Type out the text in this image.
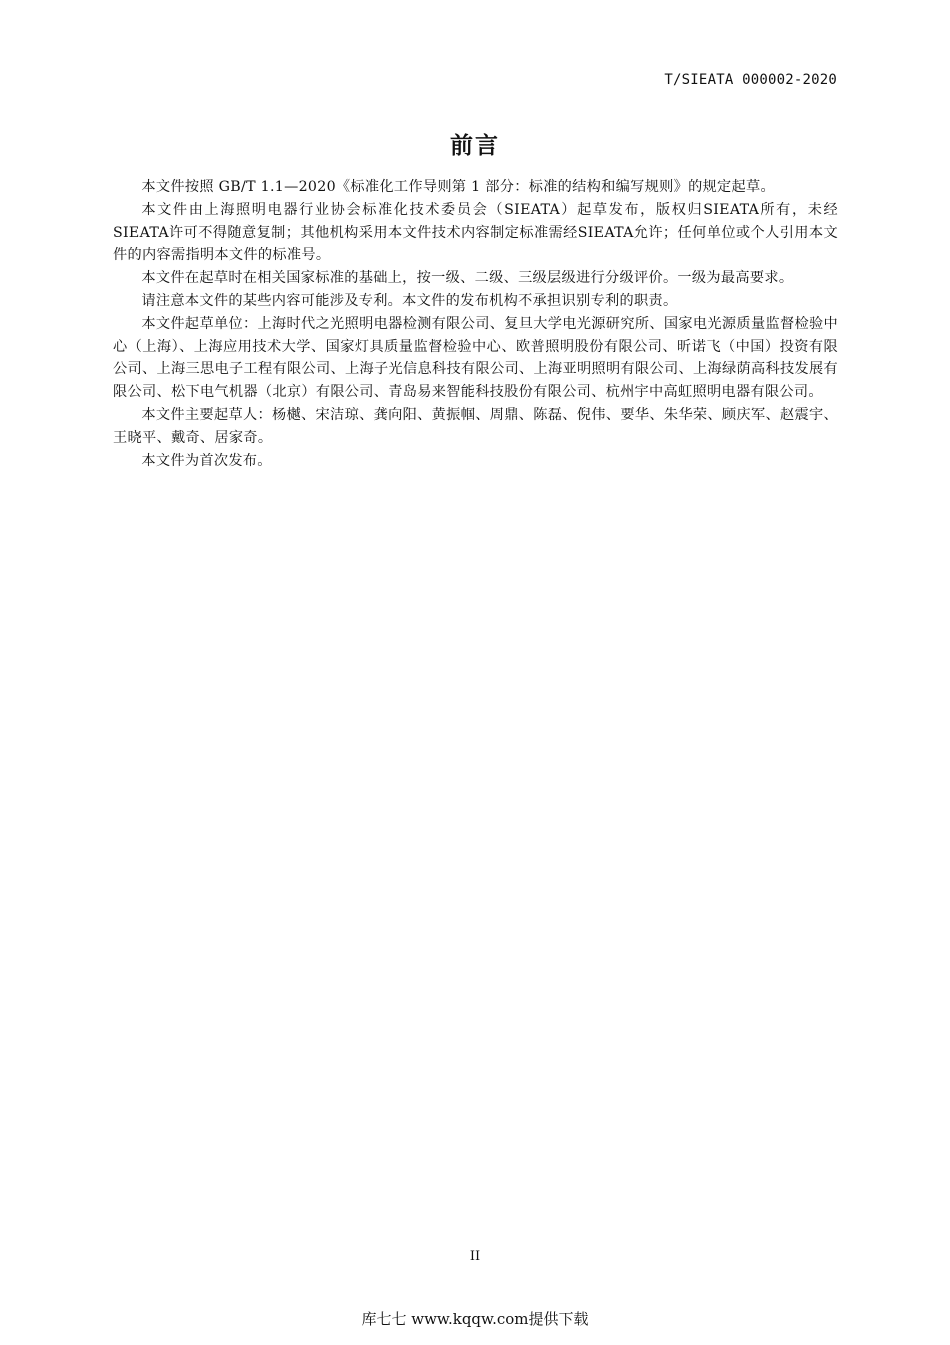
T/SIEATA 000002-2020
前言

本文件按照 GB/T 1.1—2020《标准化工作导则第 1 部分：标准的结构和编写规则》的规定起草。

本文件由上海照明电器行业协会标准化技术委员会（SIEATA）起草发布，版权归SIEATA所有，未经SIEATA许可不得随意复制；其他机构采用本文件技术内容制定标准需经SIEATA允许；任何单位或个人引用本文件的内容需指明本文件的标准号。

本文件在起草时在相关国家标准的基础上，按一级、二级、三级层级进行分级评价。一级为最高要求。

请注意本文件的某些内容可能涉及专利。本文件的发布机构不承担识别专利的职责。

本文件起草单位：上海时代之光照明电器检测有限公司、复旦大学电光源研究所、国家电光源质量监督检验中心（上海）、上海应用技术大学、国家灯具质量监督检验中心、欧普照明股份有限公司、昕诺飞（中国）投资有限公司、上海三思电子工程有限公司、上海子光信息科技有限公司、上海亚明照明有限公司、上海绿荫高科技发展有限公司、松下电气机器（北京）有限公司、青岛易来智能科技股份有限公司、杭州宇中高虹照明电器有限公司。

本文件主要起草人：杨樾、宋洁琼、龚向阳、黄振帼、周鼎、陈磊、倪伟、要华、朱华荣、顾庆军、赵震宇、王晓平、戴奇、居家奇。

本文件为首次发布。

II
库七七 www.kqqw.com提供下载
